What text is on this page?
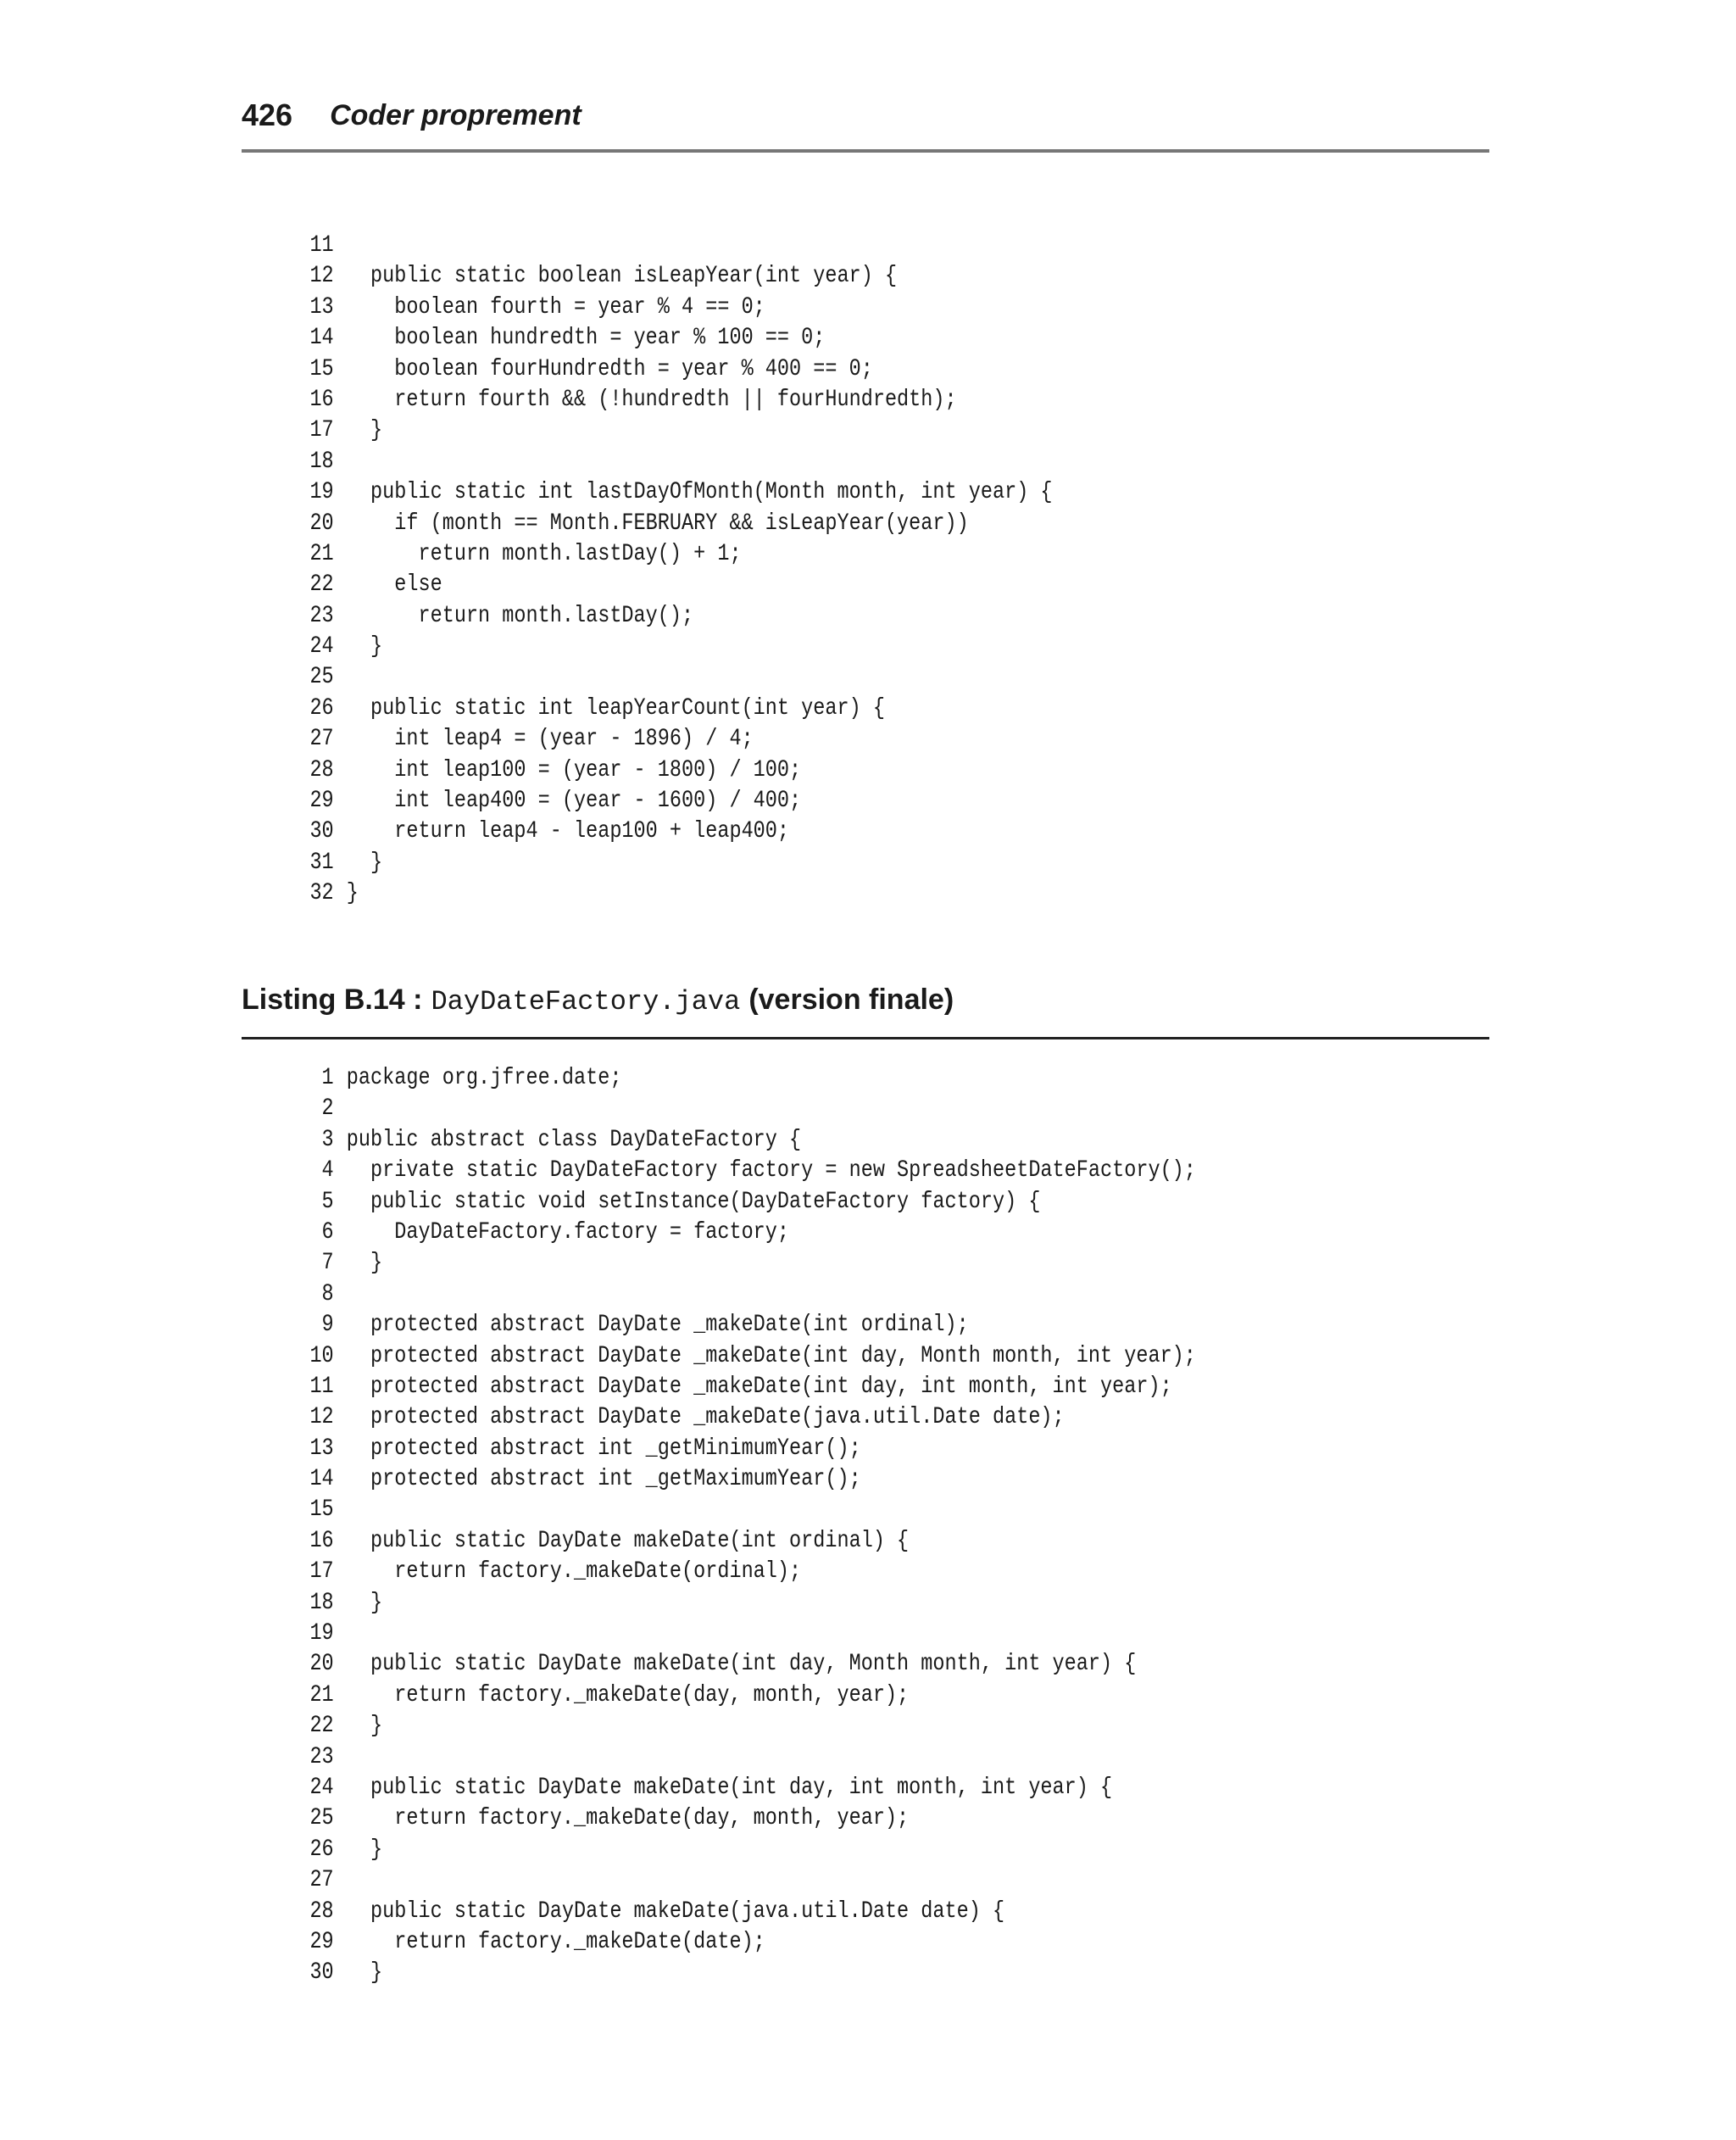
426 Coder proprement
11
12 public static boolean isLeapYear(int year) {
13 boolean fourth = year % 4 == 0;
14 boolean hundredth = year % 100 == 0;
15 boolean fourHundredth = year % 400 == 0;
16 return fourth && (!hundredth || fourHundredth);
17 }
18
19 public static int lastDayOfMonth(Month month, int year) {
20 if (month == Month.FEBRUARY && isLeapYear(year))
21 return month.lastDay() + 1;
22 else
23 return month.lastDay();
24 }
25
26 public static int leapYearCount(int year) {
27 int leap4 = (year - 1896) / 4;
28 int leap100 = (year - 1800) / 100;
29 int leap400 = (year - 1600) / 400;
30 return leap4 - leap100 + leap400;
31 }
32 }
Listing B.14 : DayDateFactory.java (version finale)
1 package org.jfree.date;
2
3 public abstract class DayDateFactory {
4 private static DayDateFactory factory = new SpreadsheetDateFactory();
5 public static void setInstance(DayDateFactory factory) {
6 DayDateFactory.factory = factory;
7 }
8
9 protected abstract DayDate _makeDate(int ordinal);
10 protected abstract DayDate _makeDate(int day, Month month, int year);
11 protected abstract DayDate _makeDate(int day, int month, int year);
12 protected abstract DayDate _makeDate(java.util.Date date);
13 protected abstract int _getMinimumYear();
14 protected abstract int _getMaximumYear();
15
16 public static DayDate makeDate(int ordinal) {
17 return factory._makeDate(ordinal);
18 }
19
20 public static DayDate makeDate(int day, Month month, int year) {
21 return factory._makeDate(day, month, year);
22 }
23
24 public static DayDate makeDate(int day, int month, int year) {
25 return factory._makeDate(day, month, year);
26 }
27
28 public static DayDate makeDate(java.util.Date date) {
29 return factory._makeDate(date);
30 }
